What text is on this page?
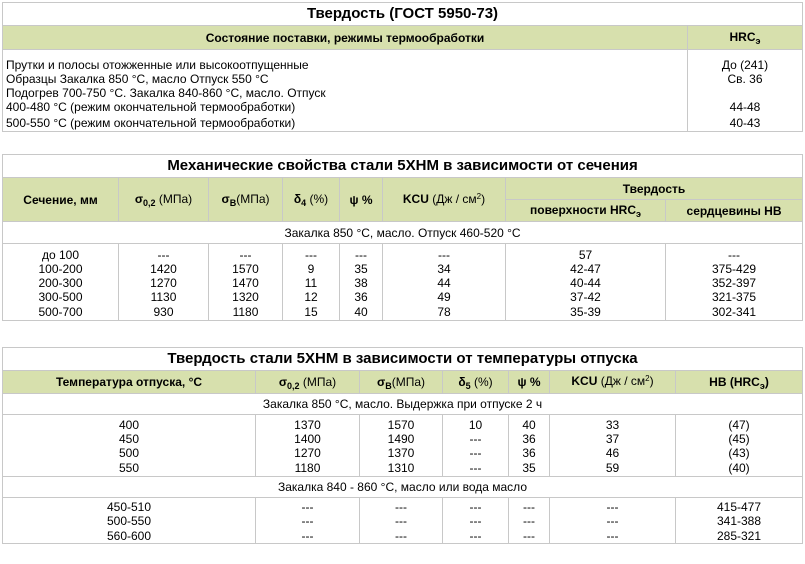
Твердость (ГОСТ 5950-73)	
Состояние поставки, режимы термообработки	$HRC_э$

Прутки и полосы отожженные или высокоотпущенные	До (241)
Образцы Закалка 850 °С, масло Отпуск 550 °С	Св. 36
Подогрев 700-750 °С. Закалка 840-860 °С, масло. Отпуск	
400-480 °С (режим окончательной термообработки)	44-48
500-550 °С (режим окончательной термообработки)	40-43
Механические свойства стали 5ХНМ в зависимости от сечения							
Сечение, мм	$\sigma_{0,2}$ (МПа)	$\sigma_В(МПа)$	$\delta_4$ (%)	ψ %	KCU $(Дж / см^2)$	Твердость	
						поверхности $HRC_э$	сердцевины HB
Закалка 850 °С, масло. Отпуск 460-520 °С							

до 100	---	---	---	---	---	57	---
100-200	1420	1570	9	35	34	42-47	375-429
200-300	1270	1470	11	38	44	40-44	352-397
300-500	1130	1320	12	36	49	37-42	321-375
500-700	930	1180	15	40	78	35-39	302-341
Твердость стали 5ХНМ в зависимости от температуры отпуска						
Температура отпуска, °С	$\sigma_{0,2}$ (МПа)	$\sigma_В(МПа)$	$\delta_5$ (%)	ψ %	KCU $(Дж / см^2)$	HB $(HRC_э)$
Закалка 850 °С, масло. Выдержка при отпуске 2 ч						

400	1370	1570	10	40	33	(47)
450	1400	1490	---	36	37	(45)
500	1270	1370	---	36	46	(43)
550	1180	1310	---	35	59	(40)
Закалка 840 - 860 °С, масло или вода масло						

450-510	---	---	---	---	---	415-477
500-550	---	---	---	---	---	341-388
560-600	---	---	---	---	---	285-321
